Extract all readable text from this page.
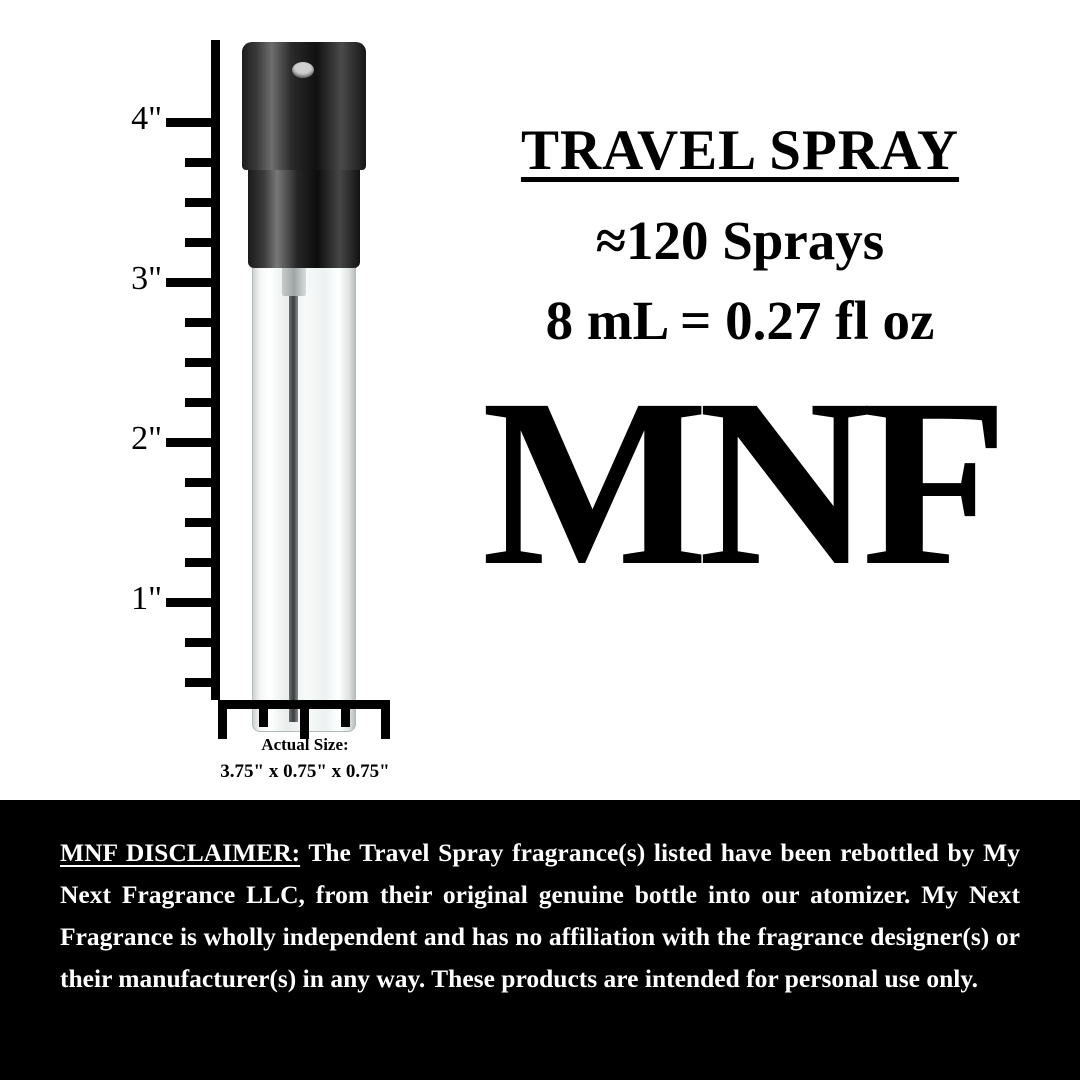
4"
3"
2"
1"
Actual Size:
3.75" x 0.75" x 0.75"
TRAVEL SPRAY
≈120 Sprays
8 mL = 0.27 fl oz
MNF
MNF DISCLAIMER: The Travel Spray fragrance(s) listed have been rebottled by My Next Fragrance LLC, from their original genuine bottle into our atomizer. My Next Fragrance is wholly independent and has no affiliation with the fragrance designer(s) or their manufacturer(s) in any way. These products are intended for personal use only.
